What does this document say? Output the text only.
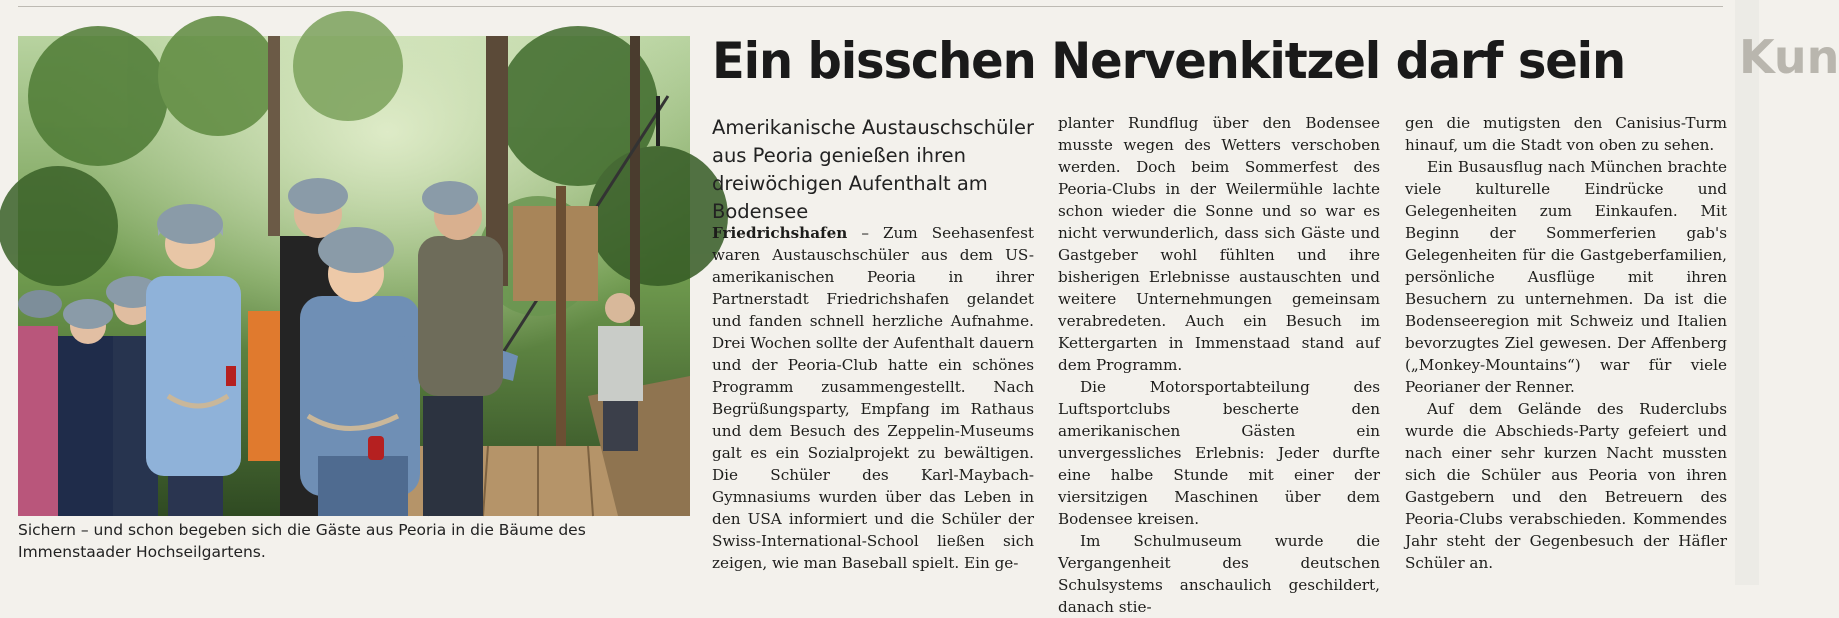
Kun
Sichern – und schon begeben sich die Gäste aus Peoria in die Bäume des Immenstaader Hochseilgartens.
Ein bisschen Nervenkitzel darf sein
Amerikanische Austauschschüler aus Peoria genießen ihren dreiwöchigen Aufenthalt am Bodensee

Friedrichshafen – Zum Seehasenfest waren Austauschschüler aus dem US-amerikanischen Peoria in ihrer Partnerstadt Friedrichshafen gelandet und fanden schnell herzliche Aufnahme. Drei Wochen sollte der Aufenthalt dauern und der Peoria-Club hatte ein schönes Programm zusammengestellt. Nach Begrüßungsparty, Empfang im Rathaus und dem Besuch des Zeppelin-Museums galt es ein Sozialprojekt zu bewältigen. Die Schüler des Karl-Maybach-Gymnasiums wurden über das Leben in den USA informiert und die Schüler der Swiss-International-School ließen sich zeigen, wie man Baseball spielt. Ein ge-

planter Rundflug über den Bodensee musste wegen des Wetters verschoben werden. Doch beim Sommerfest des Peoria-Clubs in der Weilermühle lachte schon wieder die Sonne und so war es nicht verwunderlich, dass sich Gäste und Gastgeber wohl fühlten und ihre bisherigen Erlebnisse austauschten und weitere Unternehmungen gemeinsam verabredeten. Auch ein Besuch im Kettergarten in Immenstaad stand auf dem Programm.

Die Motorsportabteilung des Luftsportclubs bescherte den amerikanischen Gästen ein unvergessliches Erlebnis: Jeder durfte eine halbe Stunde mit einer der viersitzigen Maschinen über dem Bodensee kreisen.

Im Schulmuseum wurde die Vergangenheit des deutschen Schulsystems anschaulich geschildert, danach stie-

gen die mutigsten den Canisius-Turm hinauf, um die Stadt von oben zu sehen.

Ein Busausflug nach München brachte viele kulturelle Eindrücke und Gelegenheiten zum Einkaufen. Mit Beginn der Sommerferien gab's Gelegenheiten für die Gastgeberfamilien, persönliche Ausflüge mit ihren Besuchern zu unternehmen. Da ist die Bodenseeregion mit Schweiz und Italien bevorzugtes Ziel gewesen. Der Affenberg („Monkey-Mountains“) war für viele Peorianer der Renner.

Auf dem Gelände des Ruderclubs wurde die Abschieds-Party gefeiert und nach einer sehr kurzen Nacht mussten sich die Schüler aus Peoria von ihren Gastgebern und den Betreuern des Peoria-Clubs verabschieden. Kommendes Jahr steht der Gegenbesuch der Häfler Schüler an.
